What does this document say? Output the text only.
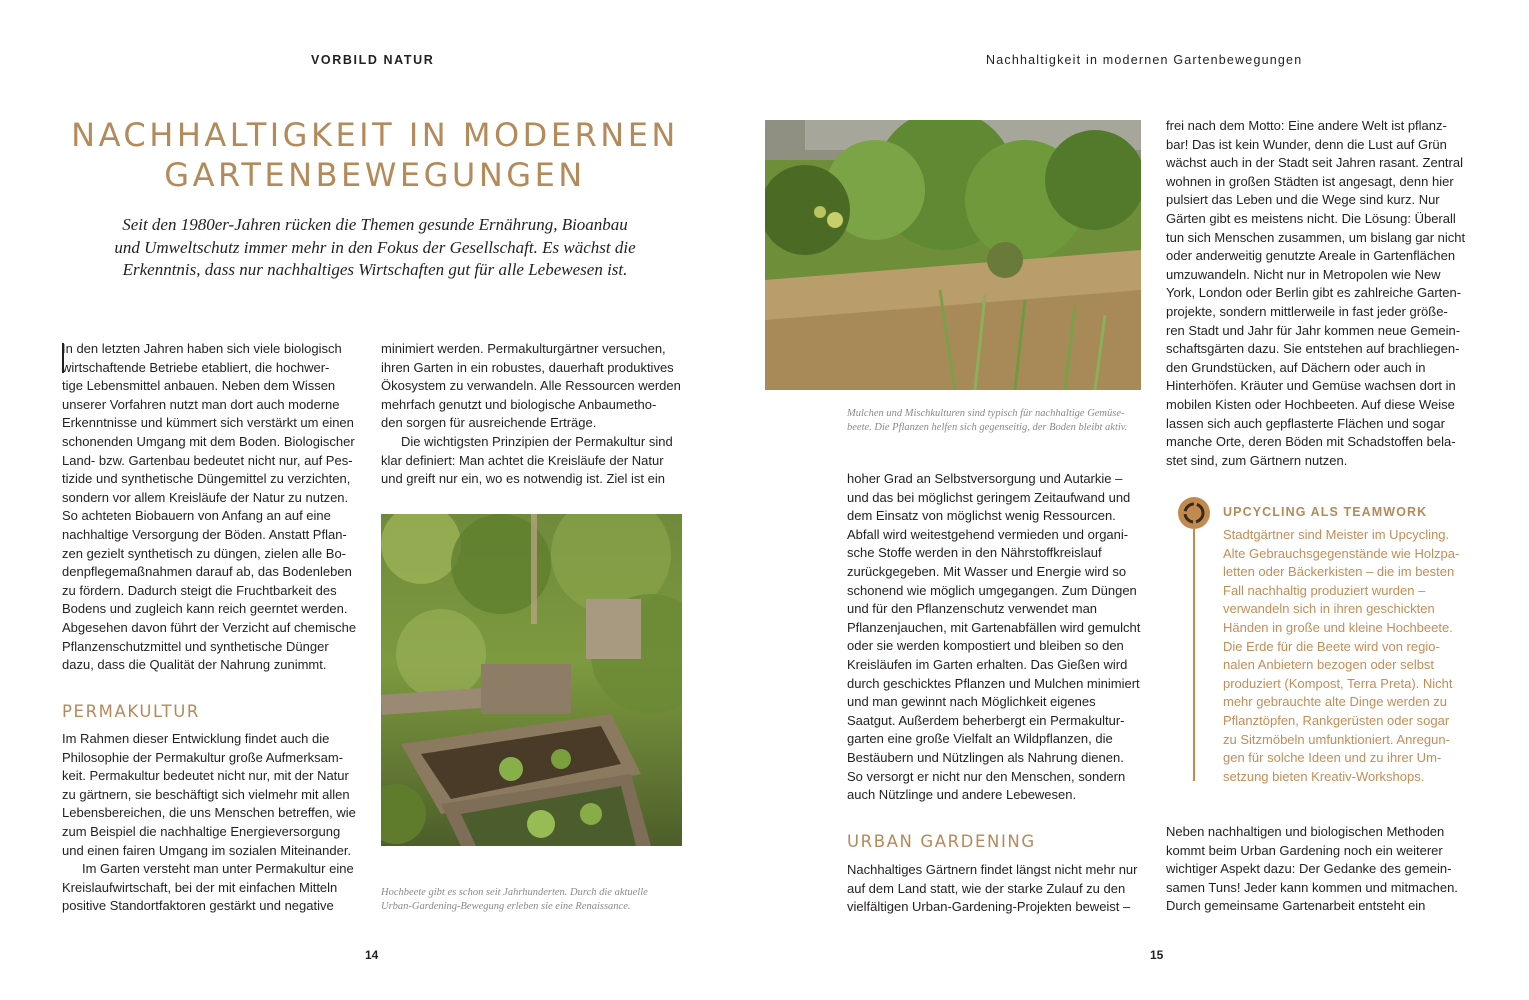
VORBILD NATUR	Nachhaltigkeit in modernen Gartenbewegungen

NACHHALTIGKEIT IN MODERNEN

GARTENBEWEGUNGEN

Seit den 1980er-Jahren rücken die Themen gesunde Ernährung, Bioanbau
und Umweltschutz immer mehr in den Fokus der Gesellschaft. Es wächst die
Erkenntnis, dass nur nachhaltiges Wirtschaften gut für alle Lebewesen ist.

In den letzten Jahren haben sich viele biologisch
wirtschaftende Betriebe etabliert, die hochwer-
tige Lebensmittel anbauen. Neben dem Wissen
unserer Vorfahren nutzt man dort auch moderne
Erkenntnisse und kümmert sich verstärkt um einen
schonenden Umgang mit dem Boden. Biologischer
Land- bzw. Gartenbau bedeutet nicht nur, auf Pes-
tizide und synthetische Düngemittel zu verzichten,
sondern vor allem Kreisläufe der Natur zu nutzen.
So achteten Biobauern von Anfang an auf eine
nachhaltige Versorgung der Böden. Anstatt Pflan-
zen gezielt synthetisch zu düngen, zielen alle Bo-
denpflegemaßnahmen darauf ab, das Bodenleben
zu fördern. Dadurch steigt die Fruchtbarkeit des
Bodens und zugleich kann reich geerntet werden.
Abgesehen davon führt der Verzicht auf chemische
Pflanzenschutzmittel und synthetische Dünger
dazu, dass die Qualität der Nahrung zunimmt.

PERMAKULTUR

Im Rahmen dieser Entwicklung findet auch die
Philosophie der Permakultur große Aufmerksam-
keit. Permakultur bedeutet nicht nur, mit der Natur
zu gärtnern, sie beschäftigt sich vielmehr mit allen
Lebensbereichen, die uns Menschen betreffen, wie
zum Beispiel die nachhaltige Energieversorgung
und einen fairen Umgang im sozialen Miteinander.

Im Garten versteht man unter Permakultur eine
Kreislaufwirtschaft, bei der mit einfachen Mitteln
positive Standortfaktoren gestärkt und negative

minimiert werden. Permakulturgärtner versuchen,
ihren Garten in ein robustes, dauerhaft produktives
Ökosystem zu verwandeln. Alle Ressourcen werden
mehrfach genutzt und biologische Anbaumetho-
den sorgen für ausreichende Erträge.

Die wichtigsten Prinzipien der Permakultur sind
klar definiert: Man achtet die Kreisläufe der Natur
und greift nur ein, wo es notwendig ist. Ziel ist ein

Hochbeete gibt es schon seit Jahrhunderten. Durch die aktuelle
Urban-Gardening-Bewegung erleben sie eine Renaissance.
Mulchen und Mischkulturen sind typisch für nachhaltige Gemüse-
beete. Die Pflanzen helfen sich gegenseitig, der Boden bleibt aktiv.

hoher Grad an Selbstversorgung und Autarkie –
und das bei möglichst geringem Zeitaufwand und
dem Einsatz von möglichst wenig Ressourcen.
Abfall wird weitestgehend vermieden und organi-
sche Stoffe werden in den Nährstoffkreislauf
zurückgegeben. Mit Wasser und Energie wird so
schonend wie möglich umgegangen. Zum Düngen
und für den Pflanzenschutz verwendet man
Pflanzenjauchen, mit Gartenabfällen wird gemulcht
oder sie werden kompostiert und bleiben so den
Kreisläufen im Garten erhalten. Das Gießen wird
durch geschicktes Pflanzen und Mulchen minimiert
und man gewinnt nach Möglichkeit eigenes
Saatgut. Außerdem beherbergt ein Permakultur-
garten eine große Vielfalt an Wildpflanzen, die
Bestäubern und Nützlingen als Nahrung dienen.
So versorgt er nicht nur den Menschen, sondern
auch Nützlinge und andere Lebewesen.

URBAN GARDENING

Nachhaltiges Gärtnern findet längst nicht mehr nur
auf dem Land statt, wie der starke Zulauf zu den
vielfältigen Urban-Gardening-Projekten beweist –

frei nach dem Motto: Eine andere Welt ist pflanz-
bar! Das ist kein Wunder, denn die Lust auf Grün
wächst auch in der Stadt seit Jahren rasant. Zentral
wohnen in großen Städten ist angesagt, denn hier
pulsiert das Leben und die Wege sind kurz. Nur
Gärten gibt es meistens nicht. Die Lösung: Überall
tun sich Menschen zusammen, um bislang gar nicht
oder anderweitig genutzte Areale in Gartenflächen
umzuwandeln. Nicht nur in Metropolen wie New
York, London oder Berlin gibt es zahlreiche Garten-
projekte, sondern mittlerweile in fast jeder größe-
ren Stadt und Jahr für Jahr kommen neue Gemein-
schaftsgärten dazu. Sie entstehen auf brachliegen-
den Grundstücken, auf Dächern oder auch in
Hinterhöfen. Kräuter und Gemüse wachsen dort in
mobilen Kisten oder Hochbeeten. Auf diese Weise
lassen sich auch gepflasterte Flächen und sogar
manche Orte, deren Böden mit Schadstoffen bela-
stet sind, zum Gärtnern nutzen.

UPCYCLING ALS TEAMWORK
Stadtgärtner sind Meister im Upcycling.
Alte Gebrauchsgegenstände wie Holzpa-
letten oder Bäckerkisten – die im besten
Fall nachhaltig produziert wurden –
verwandeln sich in ihren geschickten
Händen in große und kleine Hochbeete.
Die Erde für die Beete wird von regio-
nalen Anbietern bezogen oder selbst
produziert (Kompost, Terra Preta). Nicht
mehr gebrauchte alte Dinge werden zu
Pflanztöpfen, Rankgerüsten oder sogar
zu Sitzmöbeln umfunktioniert. Anregun-
gen für solche Ideen und zu ihrer Um-
setzung bieten Kreativ-Workshops.

Neben nachhaltigen und biologischen Methoden
kommt beim Urban Gardening noch ein weiterer
wichtiger Aspekt dazu: Der Gedanke des gemein-
samen Tuns! Jeder kann kommen und mitmachen.
Durch gemeinsame Gartenarbeit entsteht ein

14	15
